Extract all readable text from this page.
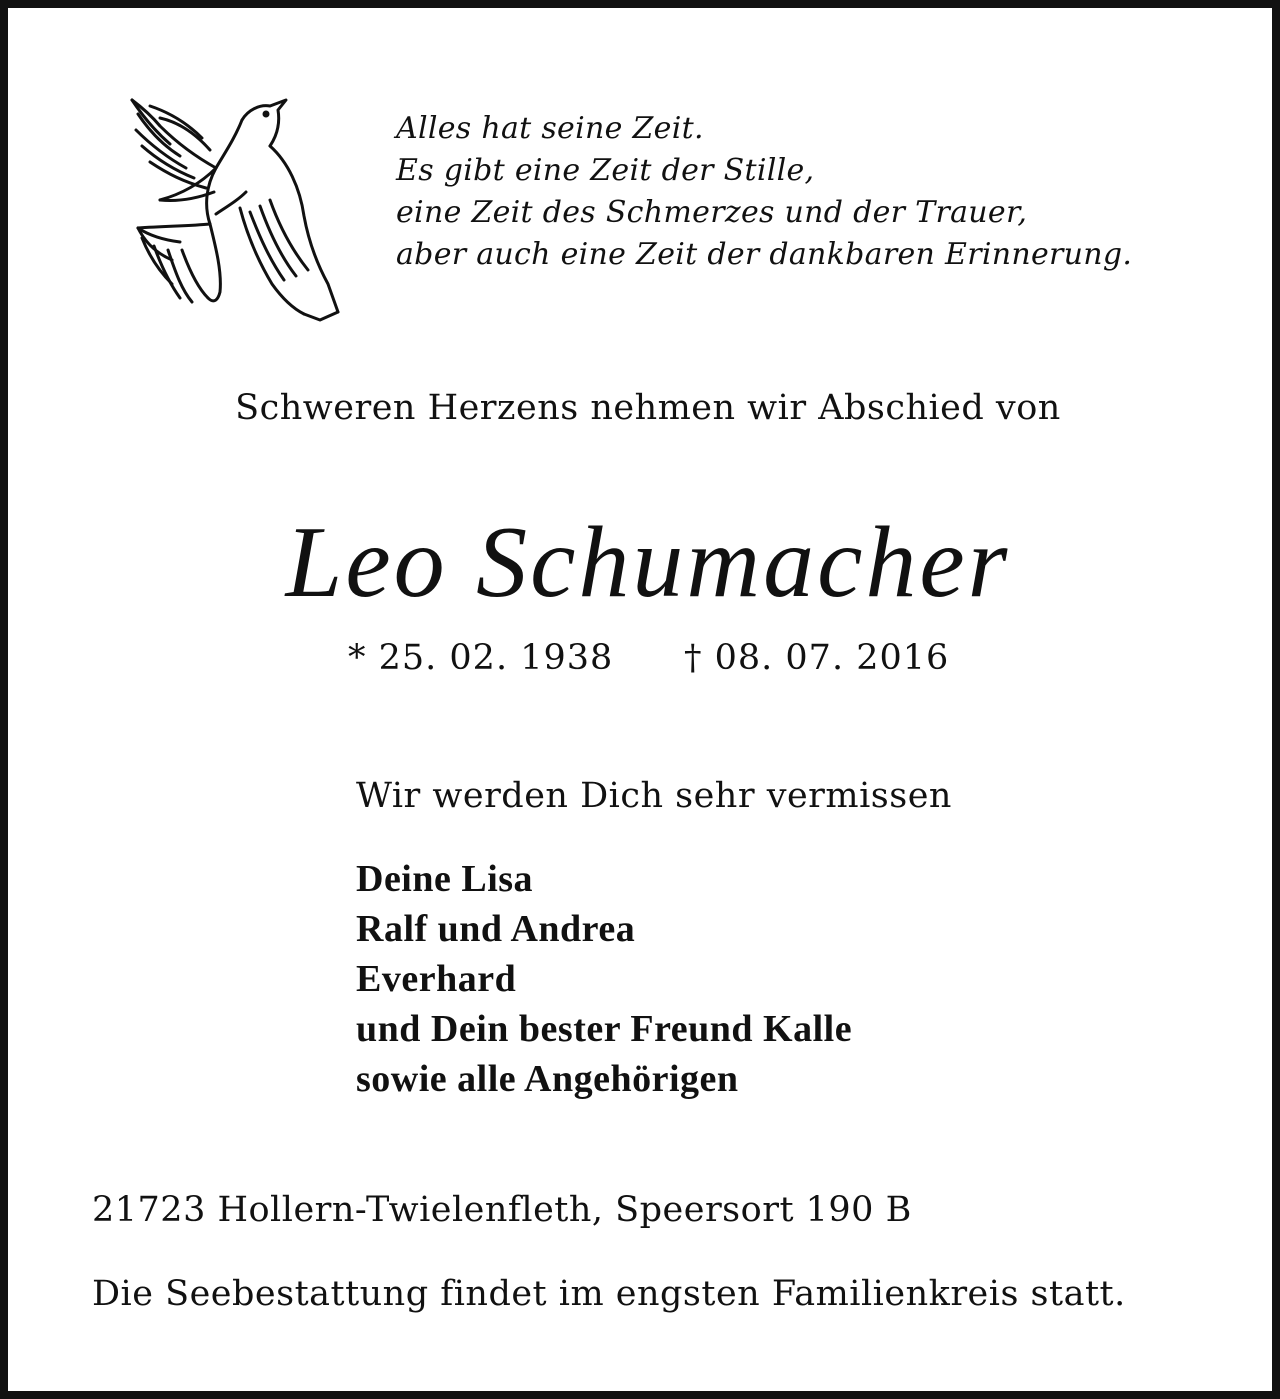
Alles hat seine Zeit.
Es gibt eine Zeit der Stille,
eine Zeit des Schmerzes und der Trauer,
aber auch eine Zeit der dankbaren Erinnerung.
Schweren Herzens nehmen wir Abschied von
Leo Schumacher
* 25. 02. 1938 † 08. 07. 2016
Wir werden Dich sehr vermissen
Deine Lisa
Ralf und Andrea
Everhard
und Dein bester Freund Kalle
sowie alle Angehörigen
21723 Hollern-Twielenfleth, Speersort 190 B
Die Seebestattung findet im engsten Familienkreis statt.
